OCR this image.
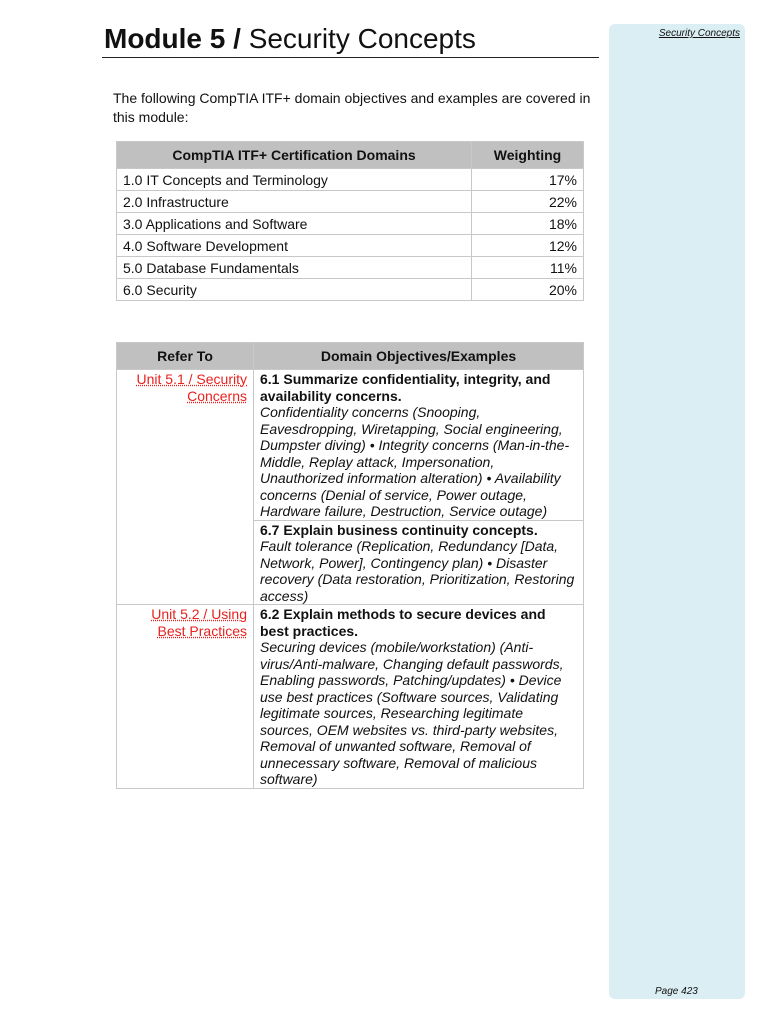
Security Concepts
Page 423
Module 5 / Security Concepts
The following CompTIA ITF+ domain objectives and examples are covered in this module:
CompTIA ITF+ Certification Domains	Weighting
1.0 IT Concepts and Terminology	17%
2.0 Infrastructure	22%
3.0 Applications and Software	18%
4.0 Software Development	12%
5.0 Database Fundamentals	11%
6.0 Security	20%
Refer To	Domain Objectives/Examples
Unit 5.1 / Security Concerns	6.1 Summarize confidentiality, integrity, and availability concerns.
Confidentiality concerns (Snooping, Eavesdropping, Wiretapping, Social engineering, Dumpster diving) • Integrity concerns (Man-in-the-Middle, Replay attack, Impersonation, Unauthorized information alteration) • Availability concerns (Denial of service, Power outage, Hardware failure, Destruction, Service outage)

	6.7 Explain business continuity concepts.
Fault tolerance (Replication, Redundancy [Data, Network, Power], Contingency plan) • Disaster recovery (Data restoration, Prioritization, Restoring access)

Unit 5.2 / Using Best Practices	6.2 Explain methods to secure devices and best practices.
Securing devices (mobile/workstation) (Anti-virus/Anti-malware, Changing default passwords, Enabling passwords, Patching/updates) • Device use best practices (Software sources, Validating legitimate sources, Researching legitimate sources, OEM websites vs. third-party websites, Removal of unwanted software, Removal of unnecessary software, Removal of malicious software)
